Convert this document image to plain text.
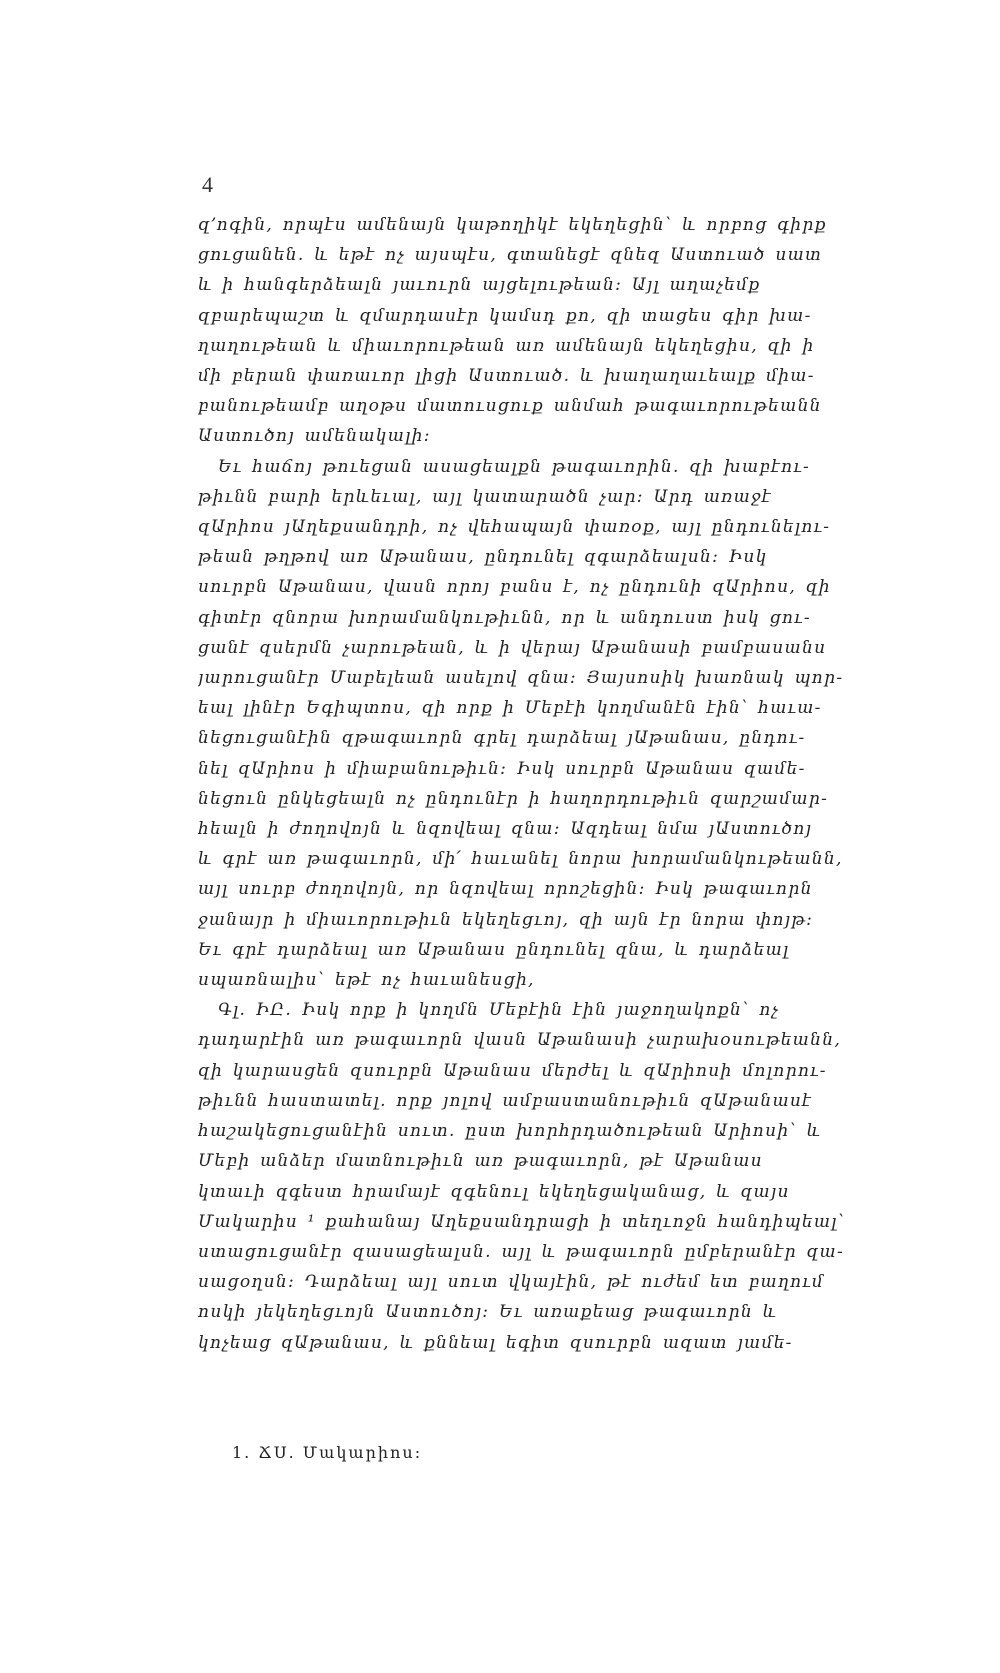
4

զ՚ոգին, որպէս ամենայն կաթողիկէ եկեղեցին՝ և որբոց գիրք
ցուցանեն. և եթէ ոչ այսպէս, գտանեցէ զնեզ Աստուած սատ
և ի հանգերձեալն յաւուրն այցելութեան։ Այլ աղաչեմք
զբարեպաշտ և զմարդասէր կամսդ քո, զի տացես գիր խա-
ղաղութեան և միաւորութեան առ ամենայն եկեղեցիս, զի ի
մի բերան փառաւոր լիցի Աստուած. և խաղաղաւեալք միա-
բանութեամբ աղօթս մատուսցուք անմահ թագաւորութեանն
Աստուծոյ ամենակալի։

Եւ հաճոյ թուեցան ասացեալքն թագաւորին. զի խաբէու-
թիւնն բարի երևեւալ, այլ կատարածն չար։ Արդ առաջէ
զԱրիոս յԱղեքսանդրի, ոչ վեհապայն փառօք, այլ ընդունելու-
թեան թղթով առ Աթանաս, ընդունել զգարձեալսն։ Իսկ
սուրբն Աթանաս, վասն որոյ բանս է, ոչ ընդունի զԱրիոս, զի
գիտէր զնորա խորամանկութիւնն, որ և անդուստ իսկ ցու-
ցանէ զսերմն չարութեան, և ի վերայ Աթանասի բամբասանս
յարուցանէր Մաբելեան ասելով զնա։ Յայսոսիկ խառնակ պոր-
եալ լինէր Եգիպտոս, զի որք ի Մեբէի կողմանէն էին՝ հաւա-
նեցուցանէին զթագաւորն գրել դարձեալ յԱթանաս, ընդու-
նել զԱրիոս ի միաբանութիւն։ Իսկ սուրբն Աթանաս զամե-
նեցուն ընկեցեալն ոչ ընդունէր ի հաղորդութիւն զարշամար-
հեալն ի ժողովոյն և նզովեալ զնա։ Ազդեալ նմա յԱստուծոյ
և գրէ առ թագաւորն, մի՛ հաւանել նորա խորամանկութեանն,
այլ սուրբ ժողովոյն, որ նզովեալ որոշեցին։ Իսկ թագաւորն
ջանայր ի միաւորութիւն եկեղեցւոյ, զի այն էր նորա փոյթ։
Եւ գրէ դարձեալ առ Աթանաս ընդունել զնա, և դարձեալ
սպառնալիս՝ եթէ ոչ հաւանեսցի,

Գլ. ԻԸ. Իսկ որք ի կողմն Մեբէին էին յաջողակոքն՝ ոչ
դադարէին առ թագաւորն վասն Աթանասի չարախօսութեանն,
զի կարասցեն զսուրբն Աթանաս մերժել և զԱրիոսի մոլորու-
թիւնն հաստատել. որք յոլով ամբաստանութիւն զԱթանասէ
հաշակեցուցանէին սուտ. ըստ խորհրդածութեան Արիոսի՝ և
Մեբի անձեր մատնութիւն առ թագաւորն, թէ Աթանաս
կտաւի զգեստ հրամայէ զգենուլ եկեղեցականաց, և զայս
Մակարիս ¹ քահանայ Աղեքսանդրացի ի տեղւոջն հանդիպեալ՝
ստացուցանէր զասացեալսն. այլ և թագաւորն ըմբերանէր զա-
սացօղսն։ Դարձեալ այլ սուտ վկայէին, թէ ուժեմ ետ բաղում
ոսկի յեկեղեցւոյն Աստուծոյ։ Եւ առաքեաց թագաւորն և
կոչեաց զԱթանաս, և քննեալ եգիտ զսուրբն ազատ յամե-

1. ՃՍ. Մակարիոս։
